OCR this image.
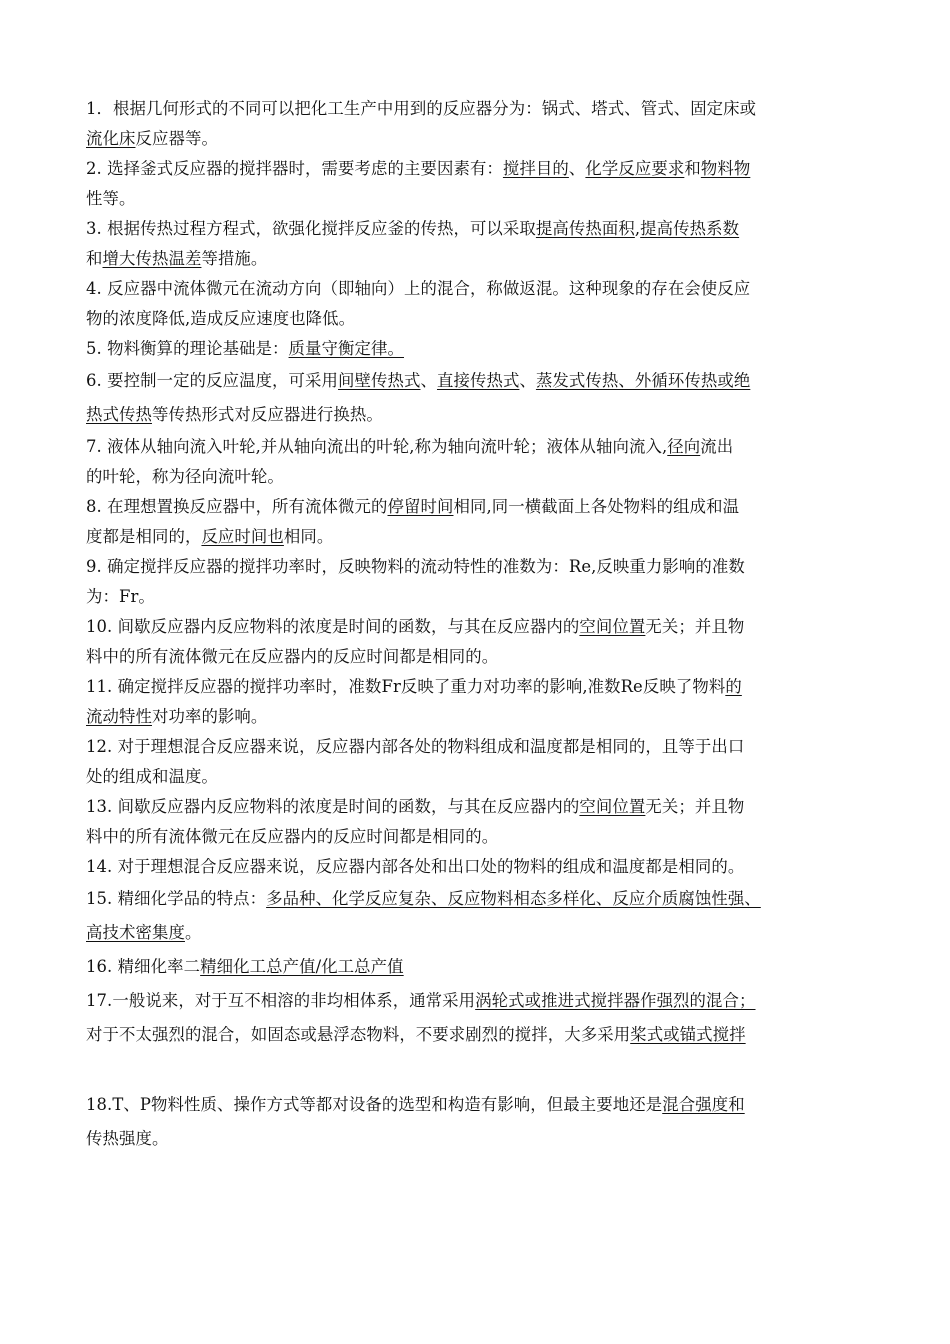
1．根据几何形式的不同可以把化工生产中用到的反应器分为：锅式、塔式、管式、固定床或
流化床反应器等。

2. 选择釜式反应器的搅拌器时，需要考虑的主要因素有：搅拌目的、化学反应要求和物料物
性等。

3. 根据传热过程方程式，欲强化搅拌反应釜的传热，可以采取提高传热面积,提高传热系数
和增大传热温差等措施。

4. 反应器中流体微元在流动方向（即轴向）上的混合，称做返混。这种现象的存在会使反应
物的浓度降低,造成反应速度也降低。

5. 物料衡算的理论基础是：质量守衡定律。

6. 要控制一定的反应温度，可采用间壁传热式、直接传热式、蒸发式传热、外循环传热或绝
热式传热等传热形式对反应器进行换热。

7. 液体从轴向流入叶轮,并从轴向流出的叶轮,称为轴向流叶轮；液体从轴向流入,径向流出
的叶轮，称为径向流叶轮。

8. 在理想置换反应器中，所有流体微元的停留时间相同,同一横截面上各处物料的组成和温
度都是相同的，反应时间也相同。

9. 确定搅拌反应器的搅拌功率时，反映物料的流动特性的准数为：Re,反映重力影响的准数
为：Fr。

10. 间歇反应器内反应物料的浓度是时间的函数，与其在反应器内的空间位置无关；并且物
料中的所有流体微元在反应器内的反应时间都是相同的。

11. 确定搅拌反应器的搅拌功率时，准数Fr反映了重力对功率的影响,准数Re反映了物料的
流动特性对功率的影响。

12. 对于理想混合反应器来说，反应器内部各处的物料组成和温度都是相同的，且等于出口
处的组成和温度。

13. 间歇反应器内反应物料的浓度是时间的函数，与其在反应器内的空间位置无关；并且物
料中的所有流体微元在反应器内的反应时间都是相同的。

14. 对于理想混合反应器来说，反应器内部各处和出口处的物料的组成和温度都是相同的。

15. 精细化学品的特点：多品种、化学反应复杂、反应物料相态多样化、反应介质腐蚀性强、
高技术密集度。

16. 精细化率二精细化工总产值/化工总产值

17.一般说来，对于互不相溶的非均相体系，通常采用涡轮式或推进式搅拌器作强烈的混合；
对于不太强烈的混合，如固态或悬浮态物料，不要求剧烈的搅拌，大多采用桨式或锚式搅拌

18.T、P物料性质、操作方式等都对设备的选型和构造有影响，但最主要地还是混合强度和
传热强度。
